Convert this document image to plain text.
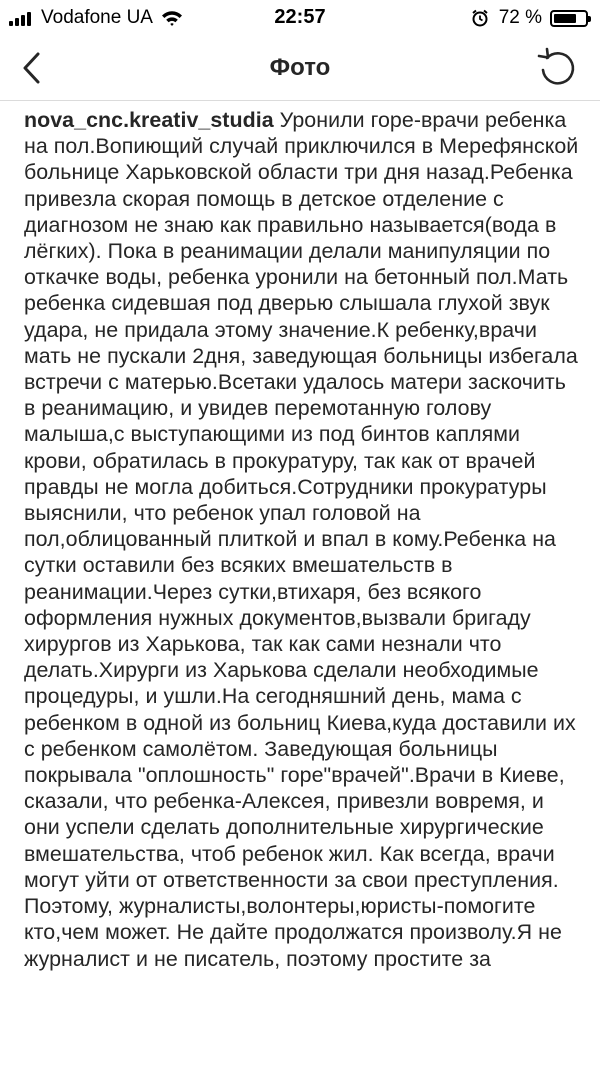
Vodafone UA	22:57	72 %
Фото
nova_cnc.kreativ_studia Уронили горе-врачи ребенка на пол.Вопиющий случай приключился в Мерефянской больнице Харьковской области три дня назад.Ребенка привезла скорая помощь в детское отделение с диагнозом не знаю как правильно называется(вода в лёгких). Пока в реанимации делали манипуляции по откачке воды, ребенка уронили на бетонный пол.Мать ребенка сидевшая под дверью слышала глухой звук удара, не придала этому значение.К ребенку,врачи мать не пускали 2дня, заведующая больницы избегала встречи с матерью.Всетаки удалось матери заскочить в реанимацию, и увидев перемотанную голову малыша,с выступающими из под бинтов каплями крови, обратилась в прокуратуру, так как от врачей правды не могла добиться.Сотрудники прокуратуры выяснили, что ребенок упал головой на пол,облицованный плиткой и впал в кому.Ребенка на сутки оставили без всяких вмешательств в реанимации.Через сутки,втихаря, без всякого оформления нужных документов,вызвали бригаду хирургов из Харькова, так как сами незнали что делать.Хирурги из Харькова сделали необходимые процедуры, и ушли.На сегодняшний день, мама с ребенком в одной из больниц Киева,куда доставили их с ребенком самолётом. Заведующая больницы покрывала "оплошность" горе"врачей".Врачи в Киеве, сказали, что ребенка-Алексея, привезли вовремя, и они успели сделать дополнительные хирургические вмешательства, чтоб ребенок жил. Как всегда, врачи могут уйти от ответственности за свои преступления. Поэтому, журналисты,волонтеры,юристы-помогите кто,чем может. Не дайте продолжатся произволу.Я не журналист и не писатель, поэтому простите за
